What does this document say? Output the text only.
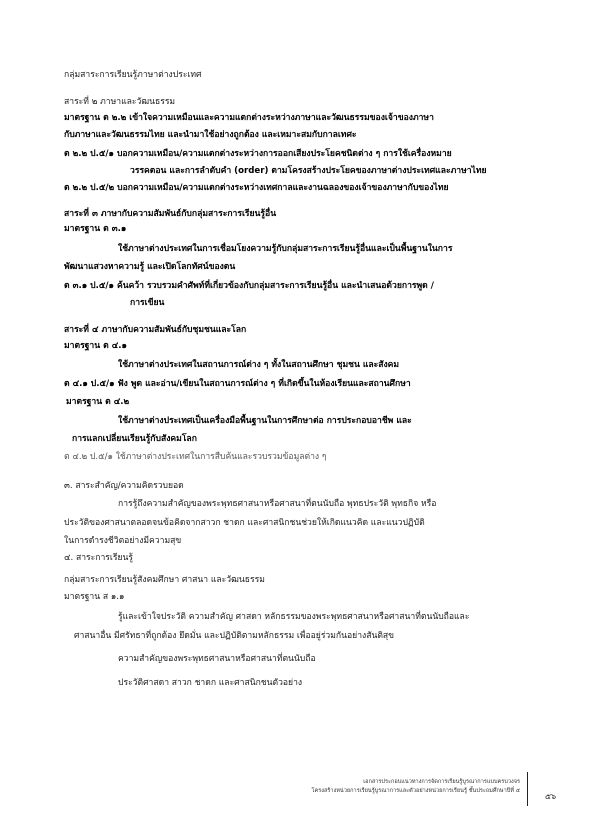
กลุ่มสาระการเรียนรู้ภาษาต่างประเทศ
สาระที่ ๒ ภาษาและวัฒนธรรม
มาตรฐาน ต ๒.๒ เข้าใจความเหมือนและความแตกต่างระหว่างภาษาและวัฒนธรรมของเจ้าของภาษา
กับภาษาและวัฒนธรรมไทย และนำมาใช้อย่างถูกต้อง และเหมาะสมกับกาลเทศะ
ต ๒.๒ ป.๕/๑ บอกความเหมือน/ความแตกต่างระหว่างการออกเสียงประโยคชนิดต่าง ๆ การใช้เครื่องหมาย
วรรคตอน และการลำดับคำ (order) ตามโครงสร้างประโยคของภาษาต่างประเทศและภาษาไทย
ต ๒.๒ ป.๕/๒ บอกความเหมือน/ความแตกต่างระหว่างเทศกาลและงานฉลองของเจ้าของภาษากับของไทย
สาระที่ ๓ ภาษากับความสัมพันธ์กับกลุ่มสาระการเรียนรู้อื่น
มาตรฐาน ต ๓.๑
ใช้ภาษาต่างประเทศในการเชื่อมโยงความรู้กับกลุ่มสาระการเรียนรู้อื่นและเป็นพื้นฐานในการ
พัฒนาแสวงหาความรู้ และเปิดโลกทัศน์ของตน
ต ๓.๑ ป.๕/๑ ค้นคว้า รวบรวมคำศัพท์ที่เกี่ยวข้องกับกลุ่มสาระการเรียนรู้อื่น และนำเสนอด้วยการพูด /
การเขียน
สาระที่ ๔ ภาษากับความสัมพันธ์กับชุมชนและโลก
มาตรฐาน ต ๔.๑
ใช้ภาษาต่างประเทศในสถานการณ์ต่าง ๆ ทั้งในสถานศึกษา ชุมชน และสังคม
ต ๔.๑ ป.๕/๑ ฟัง พูด และอ่าน/เขียนในสถานการณ์ต่าง ๆ ที่เกิดขึ้นในห้องเรียนและสถานศึกษา
มาตรฐาน ต ๔.๒
ใช้ภาษาต่างประเทศเป็นเครื่องมือพื้นฐานในการศึกษาต่อ การประกอบอาชีพ และ
การแลกเปลี่ยนเรียนรู้กับสังคมโลก
ต ๔.๒ ป.๕/๑ ใช้ภาษาต่างประเทศในการสืบค้นและรวบรวมข้อมูลต่าง ๆ
๓. สาระสำคัญ/ความคิดรวบยอด
การรู้ถึงความสำคัญของพระพุทธศาสนาหรือศาสนาที่ตนนับถือ พุทธประวัติ พุทธกิจ หรือ
ประวัติของศาสนาตลอดจนข้อคิดจากสาวก ชาดก และศาสนิกชนช่วยให้เกิดแนวคิด และแนวปฏิบัติ
ในการดำรงชีวิตอย่างมีความสุข
๔. สาระการเรียนรู้
กลุ่มสาระการเรียนรู้สังคมศึกษา ศาสนา และวัฒนธรรม
มาตรฐาน ส ๑.๑
รู้และเข้าใจประวัติ ความสำคัญ ศาสดา หลักธรรมของพระพุทธศาสนาหรือศาสนาที่ตนนับถือและ
ศาสนาอื่น มีศรัทธาที่ถูกต้อง ยึดมั่น และปฏิบัติตามหลักธรรม เพื่ออยู่ร่วมกันอย่างสันติสุข
ความสำคัญของพระพุทธศาสนาหรือศาสนาที่ตนนับถือ
ประวัติศาสดา สาวก ชาดก และศาสนิกชนตัวอย่าง
เอกสารประกอบแนวทางการจัดการเรียนรู้บูรณาการแบบครบวงจร
โครงสร้างหน่วยการเรียนรู้บูรณาการและตัวอย่างหน่วยการเรียนรู้ ชั้นประถมศึกษาปีที่ ๕
๕๖
